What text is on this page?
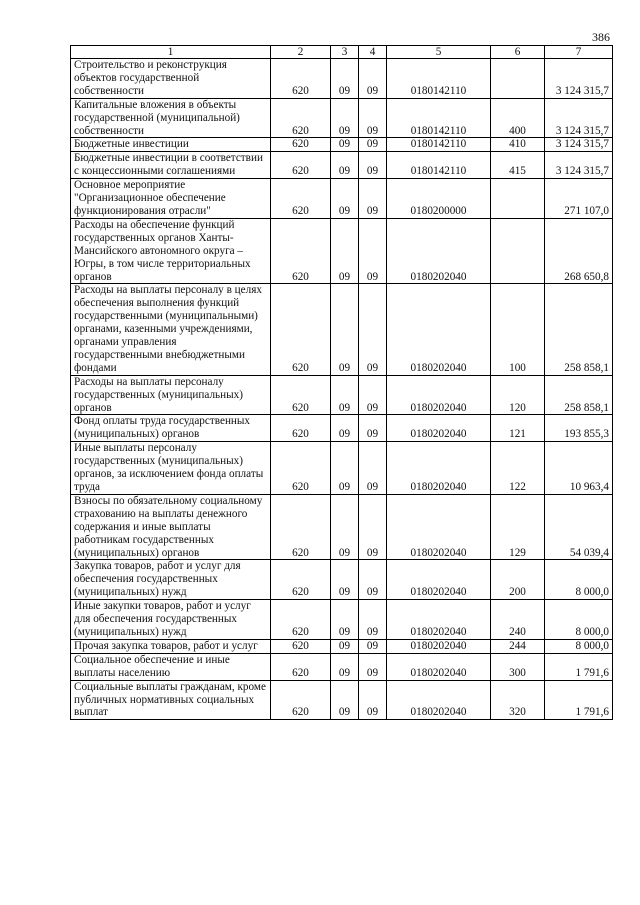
386
1	2	3	4	5	6	7
Строительство и реконструкция объектов государственной собственности	620	09	09	0180142110		3 124 315,7
Капитальные вложения в объекты государственной (муниципальной) собственности	620	09	09	0180142110	400	3 124 315,7
Бюджетные инвестиции	620	09	09	0180142110	410	3 124 315,7
Бюджетные инвестиции в соответствии с концессионными соглашениями	620	09	09	0180142110	415	3 124 315,7
Основное мероприятие "Организационное обеспечение функционирования отрасли"	620	09	09	0180200000		271 107,0
Расходы на обеспечение функций государственных органов Ханты-Мансийского автономного округа – Югры, в том числе территориальных органов	620	09	09	0180202040		268 650,8
Расходы на выплаты персоналу в целях обеспечения выполнения функций государственными (муниципальными) органами, казенными учреждениями, органами управления государственными внебюджетными фондами	620	09	09	0180202040	100	258 858,1
Расходы на выплаты персоналу государственных (муниципальных) органов	620	09	09	0180202040	120	258 858,1
Фонд оплаты труда государственных (муниципальных) органов	620	09	09	0180202040	121	193 855,3
Иные выплаты персоналу государственных (муниципальных) органов, за исключением фонда оплаты труда	620	09	09	0180202040	122	10 963,4
Взносы по обязательному социальному страхованию на выплаты денежного содержания и иные выплаты работникам государственных (муниципальных) органов	620	09	09	0180202040	129	54 039,4
Закупка товаров, работ и услуг для обеспечения государственных (муниципальных) нужд	620	09	09	0180202040	200	8 000,0
Иные закупки товаров, работ и услуг для обеспечения государственных (муниципальных) нужд	620	09	09	0180202040	240	8 000,0
Прочая закупка товаров, работ и услуг	620	09	09	0180202040	244	8 000,0
Социальное обеспечение и иные выплаты населению	620	09	09	0180202040	300	1 791,6
Социальные выплаты гражданам, кроме публичных нормативных социальных выплат	620	09	09	0180202040	320	1 791,6
